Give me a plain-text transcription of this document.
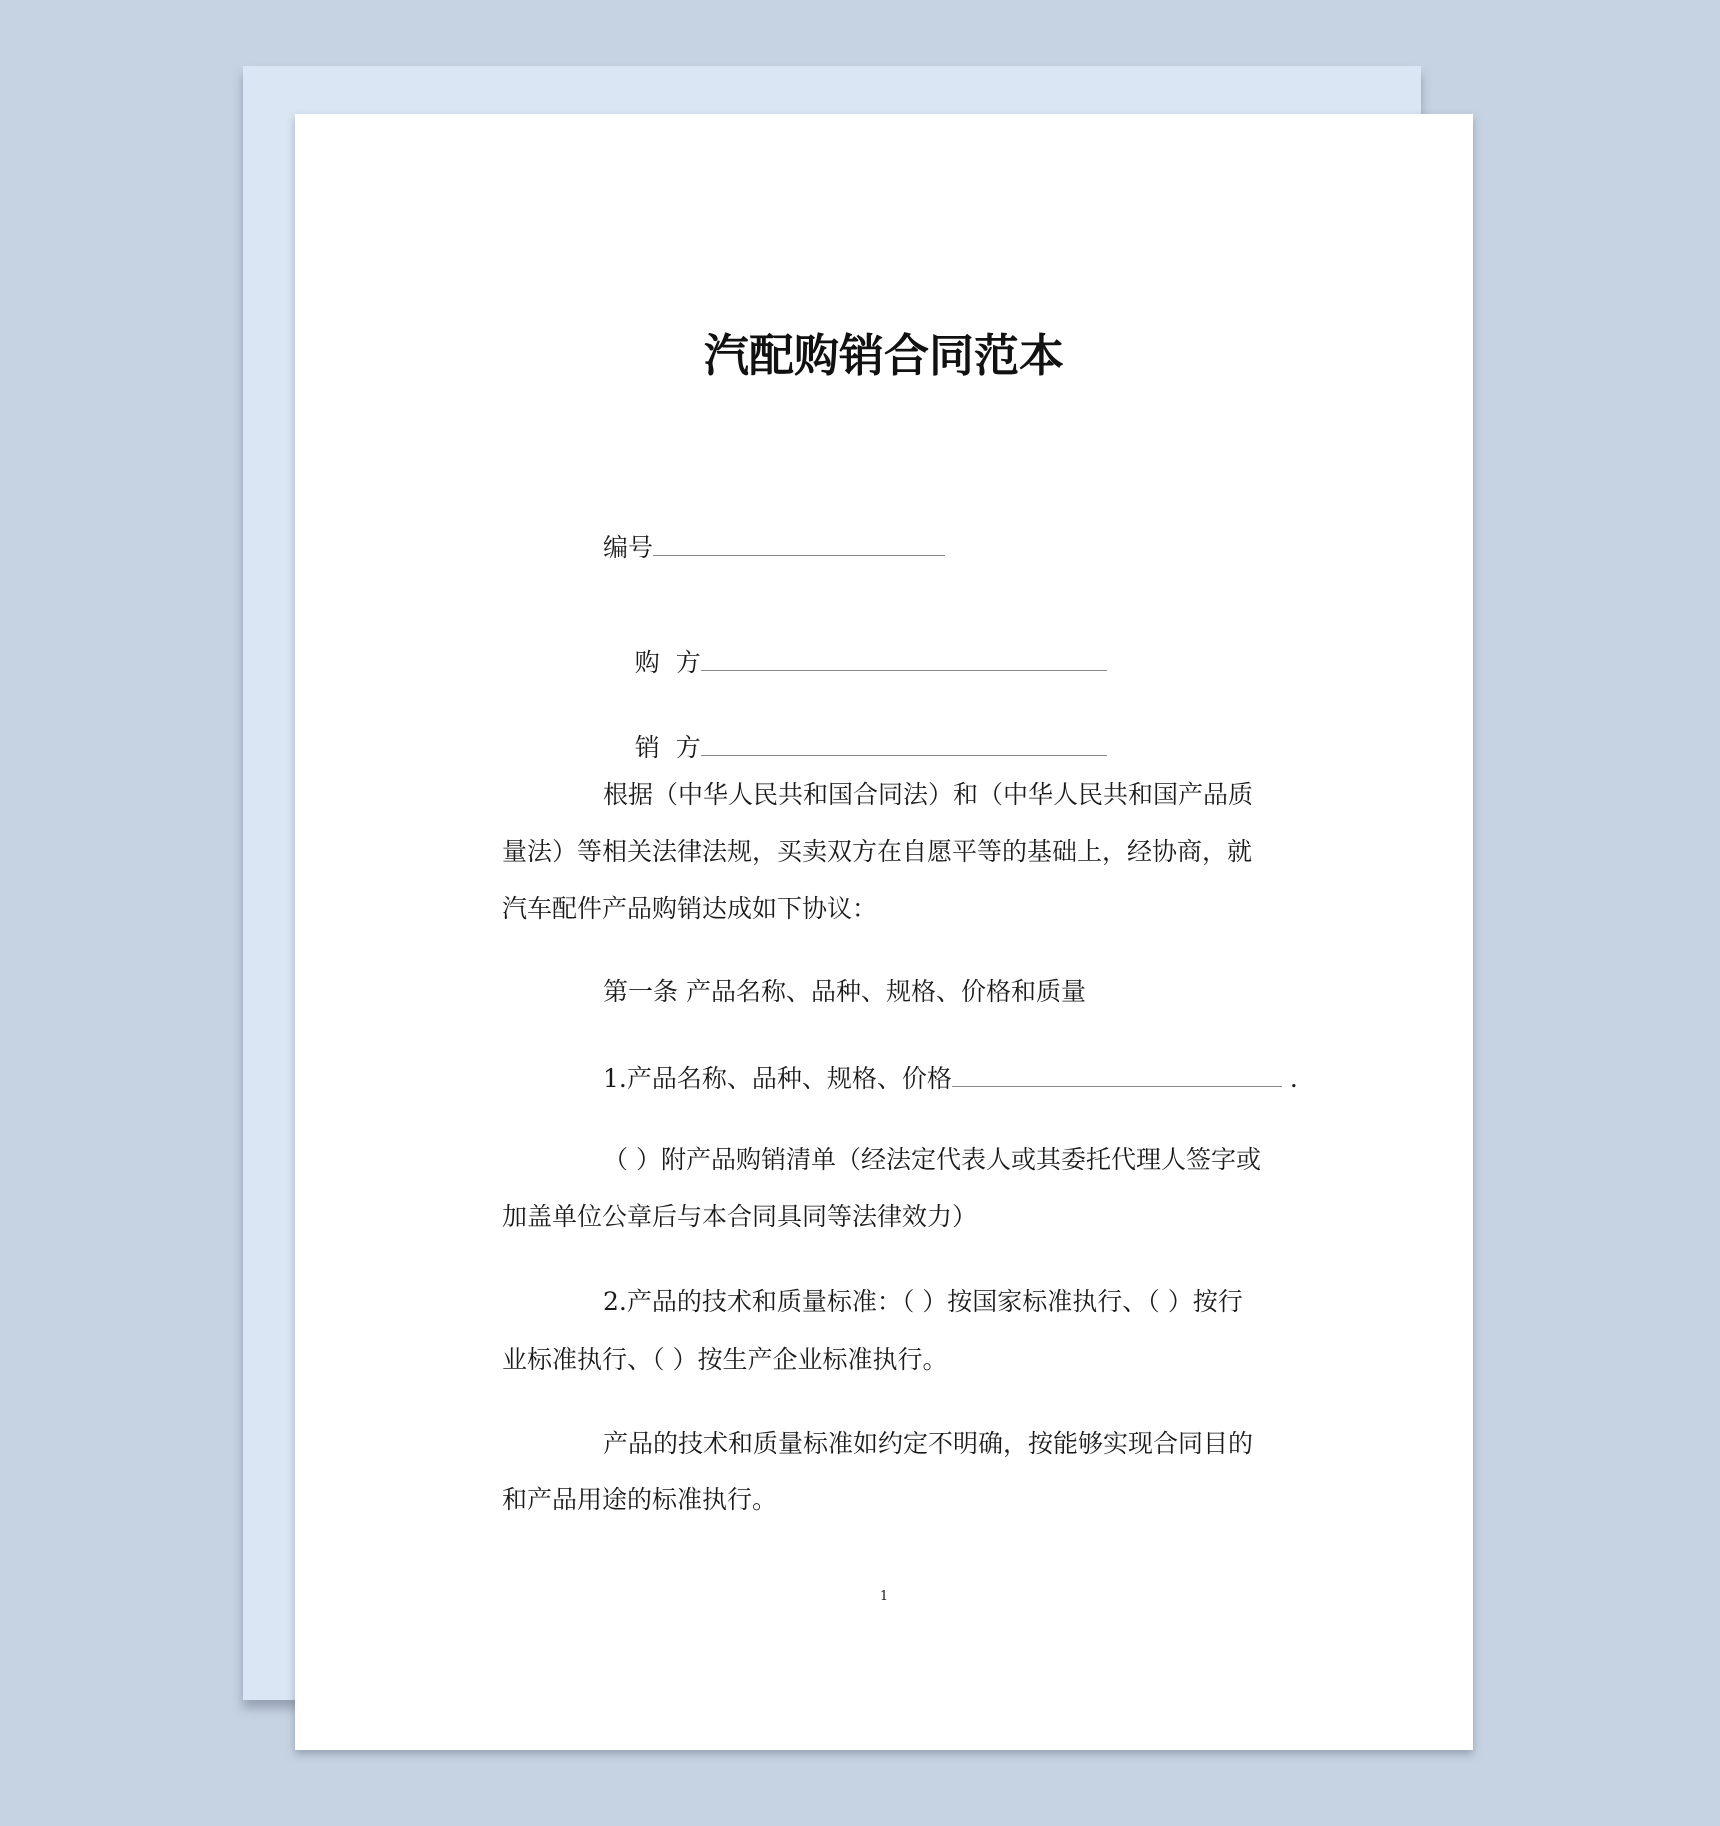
汽配购销合同范本
编号

购  方

销  方

根据（中华人民共和国合同法）和（中华人民共和国产品质
量法）等相关法律法规，买卖双方在自愿平等的基础上，经协商，就
汽车配件产品购销达成如下协议：
第一条 产品名称、品种、规格、价格和质量
1.产品名称、品种、规格、价格	.
（ ）附产品购销清单（经法定代表人或其委托代理人签字或
加盖单位公章后与本合同具同等法律效力）
2.产品的技术和质量标准：（ ）按国家标准执行、（ ）按行
业标准执行、（ ）按生产企业标准执行。
产品的技术和质量标准如约定不明确，按能够实现合同目的
和产品用途的标准执行。
1
